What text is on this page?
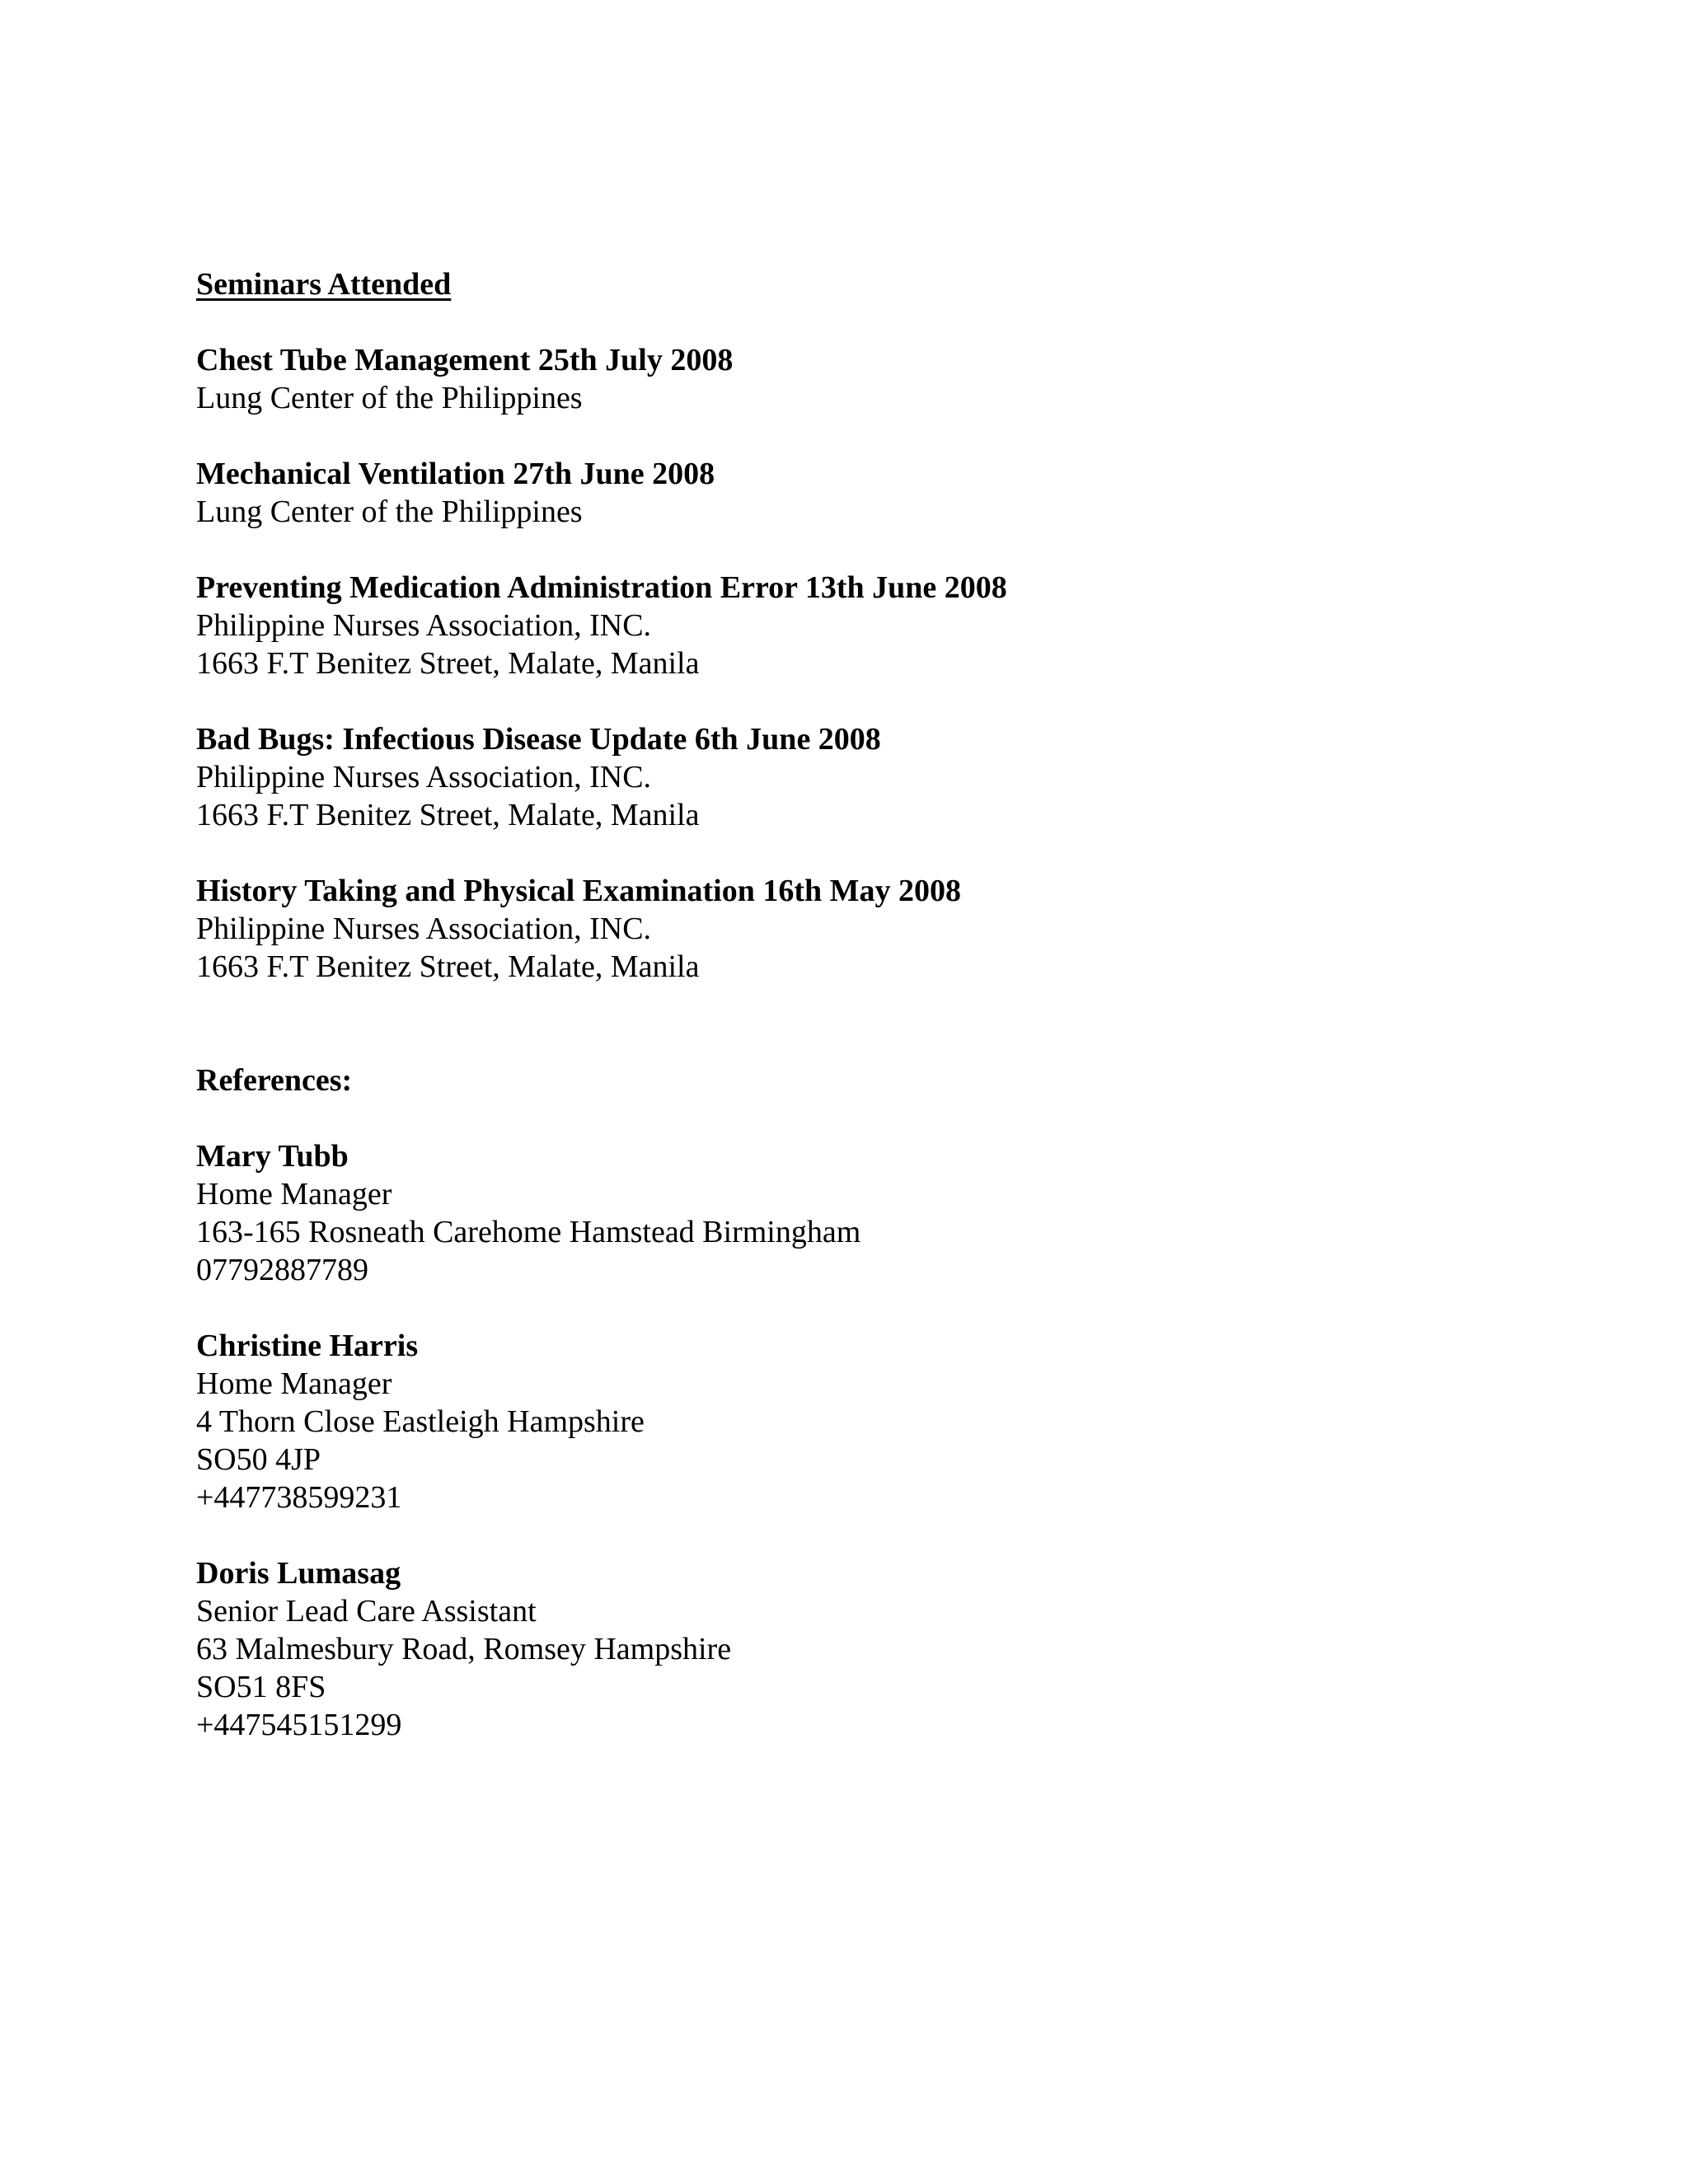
Seminars Attended
Chest Tube Management 25th July 2008
Lung Center of the Philippines
Mechanical Ventilation 27th June 2008
Lung Center of the Philippines
Preventing Medication Administration Error 13th June 2008
Philippine Nurses Association, INC.
1663 F.T Benitez Street, Malate, Manila
Bad Bugs: Infectious Disease Update 6th June 2008
Philippine Nurses Association, INC.
1663 F.T Benitez Street, Malate, Manila
History Taking and Physical Examination 16th May 2008
Philippine Nurses Association, INC.
1663 F.T Benitez Street, Malate, Manila
References:
Mary Tubb
Home Manager
163-165 Rosneath Carehome Hamstead Birmingham
07792887789
Christine Harris
Home Manager
4 Thorn Close Eastleigh Hampshire
SO50 4JP
+447738599231
Doris Lumasag
Senior Lead Care Assistant
63 Malmesbury Road, Romsey Hampshire
SO51 8FS
+447545151299
